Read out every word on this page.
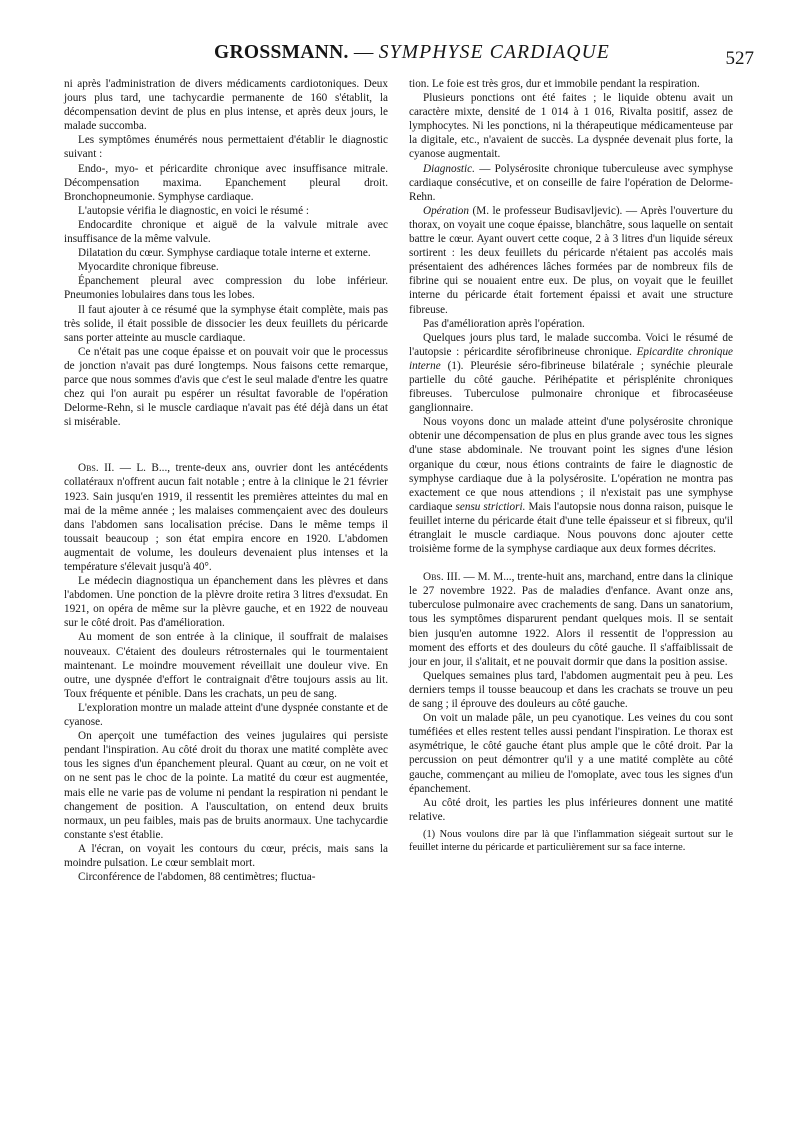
GROSSMANN. — SYMPHYSE CARDIAQUE	527

ni après l'administration de divers médicaments cardiotoniques. Deux jours plus tard, une tachycardie permanente de 160 s'établit, la décompensation devint de plus en plus intense, et après deux jours, le malade succomba.

Les symptômes énumérés nous permettaient d'établir le diagnostic suivant :

Endo-, myo- et péricardite chronique avec insuffisance mitrale. Décompensation maxima. Epanchement pleural droit. Bronchopneumonie. Symphyse cardiaque.

L'autopsie vérifia le diagnostic, en voici le résumé :

Endocardite chronique et aiguë de la valvule mitrale avec insuffisance de la même valvule.

Dilatation du cœur. Symphyse cardiaque totale interne et externe.

Myocardite chronique fibreuse.

Épanchement pleural avec compression du lobe inférieur. Pneumonies lobulaires dans tous les lobes.

Il faut ajouter à ce résumé que la symphyse était complète, mais pas très solide, il était possible de dissocier les deux feuillets du péricarde sans porter atteinte au muscle cardiaque.

Ce n'était pas une coque épaisse et on pouvait voir que le processus de jonction n'avait pas duré longtemps. Nous faisons cette remarque, parce que nous sommes d'avis que c'est le seul malade d'entre les quatre chez qui l'on aurait pu espérer un résultat favorable de l'opération Delorme-Rehn, si le muscle cardiaque n'avait pas été déjà dans un état si misérable.

Obs. II. — L. B..., trente-deux ans, ouvrier dont les antécédents collatéraux n'offrent aucun fait notable ; entre à la clinique le 21 février 1923. Sain jusqu'en 1919, il ressentit les premières atteintes du mal en mai de la même année ; les malaises commençaient avec des douleurs dans l'abdomen sans localisation précise. Dans le même temps il toussait beaucoup ; son état empira encore en 1920. L'abdomen augmentait de volume, les douleurs devenaient plus intenses et la température s'élevait jusqu'à 40°.

Le médecin diagnostiqua un épanchement dans les plèvres et dans l'abdomen. Une ponction de la plèvre droite retira 3 litres d'exsudat. En 1921, on opéra de même sur la plèvre gauche, et en 1922 de nouveau sur le côté droit. Pas d'amélioration.

Au moment de son entrée à la clinique, il souffrait de malaises nouveaux. C'étaient des douleurs rétrosternales qui le tourmentaient maintenant. Le moindre mouvement réveillait une douleur vive. En outre, une dyspnée d'effort le contraignait d'être toujours assis au lit. Toux fréquente et pénible. Dans les crachats, un peu de sang.

L'exploration montre un malade atteint d'une dyspnée constante et de cyanose.

On aperçoit une tuméfaction des veines jugulaires qui persiste pendant l'inspiration. Au côté droit du thorax une matité complète avec tous les signes d'un épanchement pleural. Quant au cœur, on ne voit et on ne sent pas le choc de la pointe. La matité du cœur est augmentée, mais elle ne varie pas de volume ni pendant la respiration ni pendant le changement de position. A l'auscultation, on entend deux bruits normaux, un peu faibles, mais pas de bruits anormaux. Une tachycardie constante s'est établie.

A l'écran, on voyait les contours du cœur, précis, mais sans la moindre pulsation. Le cœur semblait mort.

Circonférence de l'abdomen, 88 centimètres; fluctua-

tion. Le foie est très gros, dur et immobile pendant la respiration.

Plusieurs ponctions ont été faites ; le liquide obtenu avait un caractère mixte, densité de 1 014 à 1 016, Rivalta positif, assez de lymphocytes. Ni les ponctions, ni la thérapeutique médicamenteuse par la digitale, etc., n'avaient de succès. La dyspnée devenait plus forte, la cyanose augmentait.

Diagnostic. — Polysérosite chronique tuberculeuse avec symphyse cardiaque consécutive, et on conseille de faire l'opération de Delorme-Rehn.

Opération (M. le professeur Budisavljevic). — Après l'ouverture du thorax, on voyait une coque épaisse, blanchâtre, sous laquelle on sentait battre le cœur. Ayant ouvert cette coque, 2 à 3 litres d'un liquide séreux sortirent : les deux feuillets du péricarde n'étaient pas accolés mais présentaient des adhérences lâches formées par de nombreux fils de fibrine qui se nouaient entre eux. De plus, on voyait que le feuillet interne du péricarde était fortement épaissi et avait une structure fibreuse.

Pas d'amélioration après l'opération.

Quelques jours plus tard, le malade succomba. Voici le résumé de l'autopsie : péricardite sérofibrineuse chronique. Epicardite chronique interne (1). Pleurésie séro-fibrineuse bilatérale ; synéchie pleurale partielle du côté gauche. Périhépatite et périsplénite chroniques fibreuses. Tuberculose pulmonaire chronique et fibrocaséeuse ganglionnaire.

Nous voyons donc un malade atteint d'une polysérosite chronique obtenir une décompensation de plus en plus grande avec tous les signes d'une stase abdominale. Ne trouvant point les signes d'une lésion organique du cœur, nous étions contraints de faire le diagnostic de symphyse cardiaque due à la polysérosite. L'opération ne montra pas exactement ce que nous attendions ; il n'existait pas une symphyse cardiaque sensu strictiori. Mais l'autopsie nous donna raison, puisque le feuillet interne du péricarde était d'une telle épaisseur et si fibreux, qu'il étranglait le muscle cardiaque. Nous pouvons donc ajouter cette troisième forme de la symphyse cardiaque aux deux formes décrites.

Obs. III. — M. M..., trente-huit ans, marchand, entre dans la clinique le 27 novembre 1922. Pas de maladies d'enfance. Avant onze ans, tuberculose pulmonaire avec crachements de sang. Dans un sanatorium, tous les symptômes disparurent pendant quelques mois. Il se sentait bien jusqu'en automne 1922. Alors il ressentit de l'oppression au moment des efforts et des douleurs du côté gauche. Il s'affaiblissait de jour en jour, il s'alitait, et ne pouvait dormir que dans la position assise.

Quelques semaines plus tard, l'abdomen augmentait peu à peu. Les derniers temps il tousse beaucoup et dans les crachats se trouve un peu de sang ; il éprouve des douleurs au côté gauche.

On voit un malade pâle, un peu cyanotique. Les veines du cou sont tuméfiées et elles restent telles aussi pendant l'inspiration. Le thorax est asymétrique, le côté gauche étant plus ample que le côté droit. Par la percussion on peut démontrer qu'il y a une matité complète au côté gauche, commençant au milieu de l'omoplate, avec tous les signes d'un épanchement.

Au côté droit, les parties les plus inférieures donnent une matité relative.

(1) Nous voulons dire par là que l'inflammation siégeait surtout sur le feuillet interne du péricarde et particulièrement sur sa face interne.
